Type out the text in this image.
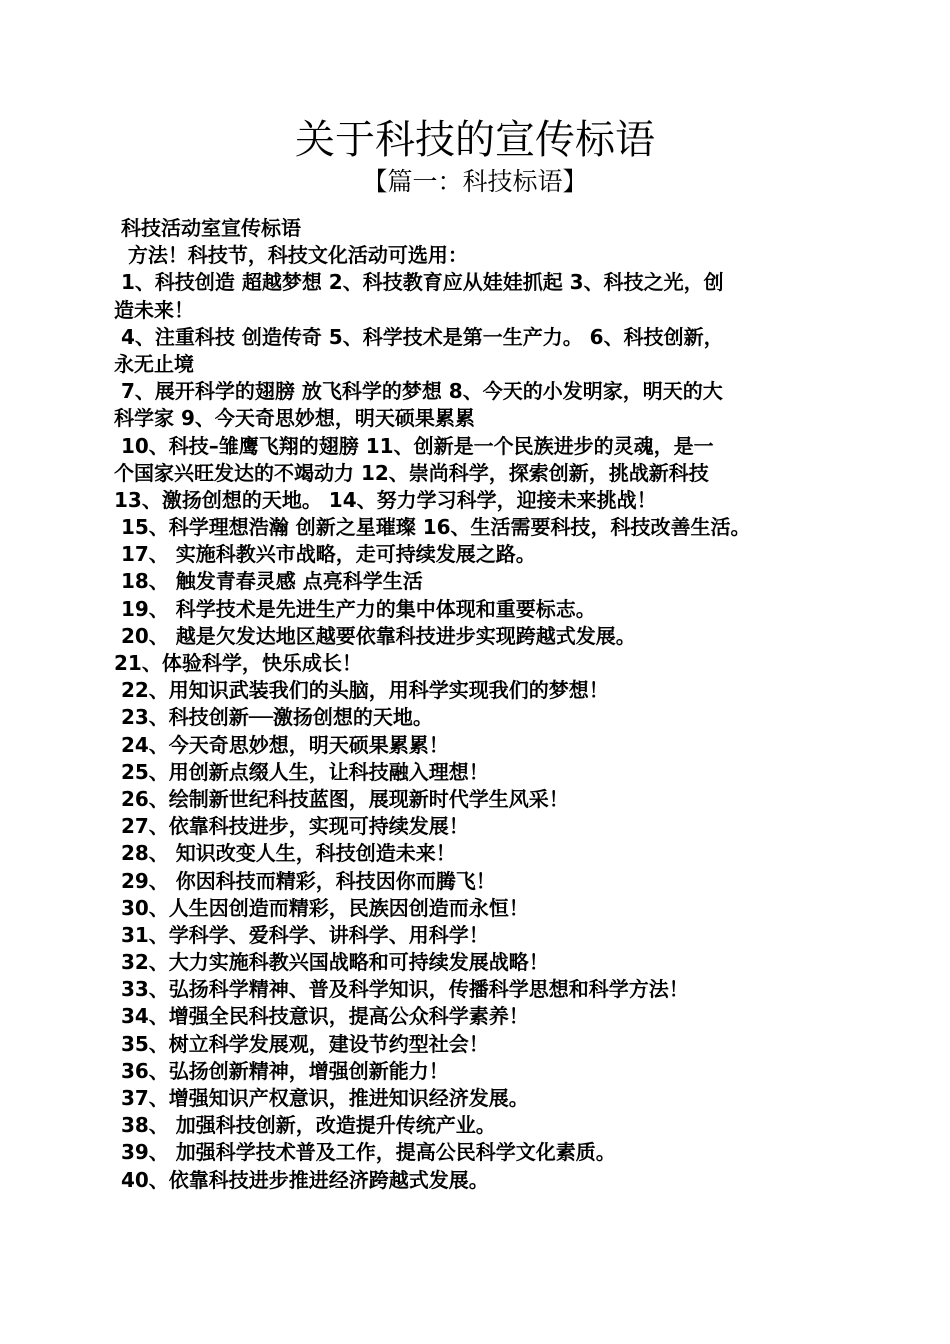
关于科技的宣传标语
【篇一：科技标语】
科技活动室宣传标语
方法！科技节，科技文化活动可选用：
1、科技创造 超越梦想 2、科技教育应从娃娃抓起 3、科技之光，创
造未来！
4、注重科技 创造传奇 5、科学技术是第一生产力。 6、科技创新，
永无止境
7、展开科学的翅膀 放飞科学的梦想 8、今天的小发明家，明天的大
科学家 9、今天奇思妙想，明天硕果累累
10、科技–雏鹰飞翔的翅膀 11、创新是一个民族进步的灵魂，是一
个国家兴旺发达的不竭动力 12、崇尚科学，探索创新，挑战新科技
13、激扬创想的天地。 14、努力学习科学，迎接未来挑战！
15、科学理想浩瀚 创新之星璀璨 16、生活需要科技，科技改善生活。
17、 实施科教兴市战略，走可持续发展之路。
18、 触发青春灵感 点亮科学生活
19、 科学技术是先进生产力的集中体现和重要标志。
20、 越是欠发达地区越要依靠科技进步实现跨越式发展。
21、体验科学，快乐成长！
22、用知识武装我们的头脑，用科学实现我们的梦想！
23、科技创新──激扬创想的天地。
24、今天奇思妙想，明天硕果累累！
25、用创新点缀人生，让科技融入理想！
26、绘制新世纪科技蓝图，展现新时代学生风采！
27、依靠科技进步，实现可持续发展！
28、 知识改变人生，科技创造未来！
29、 你因科技而精彩，科技因你而腾飞！
30、人生因创造而精彩，民族因创造而永恒！
31、学科学、爱科学、讲科学、用科学！
32、大力实施科教兴国战略和可持续发展战略！
33、弘扬科学精神、普及科学知识，传播科学思想和科学方法！
34、增强全民科技意识，提高公众科学素养！
35、树立科学发展观，建设节约型社会！
36、弘扬创新精神，增强创新能力！
37、增强知识产权意识，推进知识经济发展。
38、 加强科技创新，改造提升传统产业。
39、 加强科学技术普及工作，提高公民科学文化素质。
40、依靠科技进步推进经济跨越式发展。
